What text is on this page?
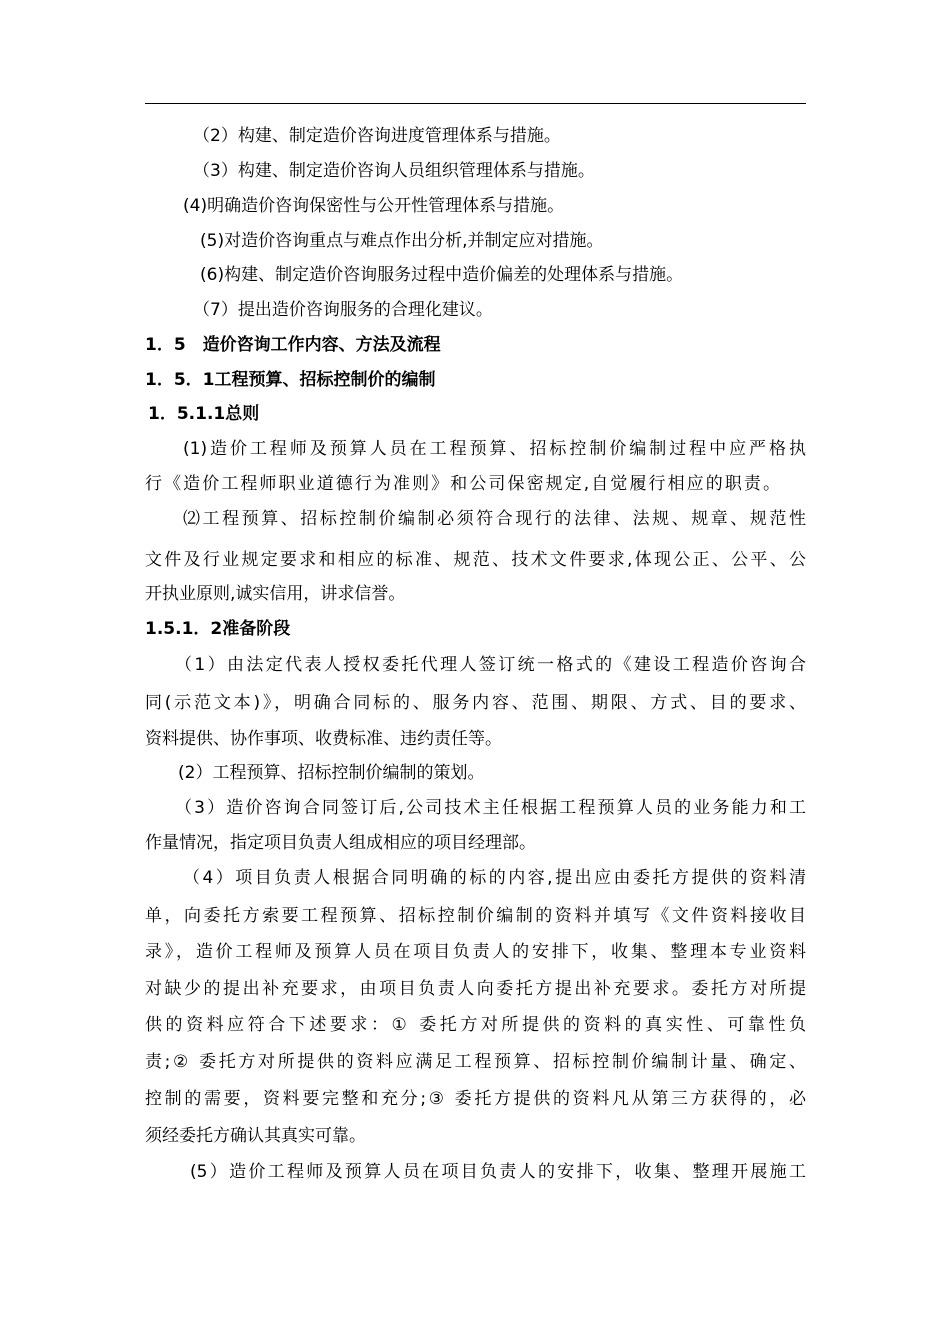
（2）构建、制定造价咨询进度管理体系与措施。
（3）构建、制定造价咨询人员组织管理体系与措施。
(4)明确造价咨询保密性与公开性管理体系与措施。
(5)对造价咨询重点与难点作出分析,并制定应对措施。
(6)构建、制定造价咨询服务过程中造价偏差的处理体系与措施。
（7）提出造价咨询服务的合理化建议。
1．5　造价咨询工作内容、方法及流程
1．5．1工程预算、招标控制价的编制
1．5.1.1总则
(1)造价工程师及预算人员在工程预算、招标控制价编制过程中应严格执
行《造价工程师职业道德行为准则》和公司保密规定,自觉履行相应的职责。
⑵工程预算、招标控制价编制必须符合现行的法律、法规、规章、规范性
文件及行业规定要求和相应的标准、规范、技术文件要求,体现公正、公平、公
开执业原则,诚实信用，讲求信誉。
1.5.1．2准备阶段
（1）由法定代表人授权委托代理人签订统一格式的《建设工程造价咨询合
同(示范文本)》，明确合同标的、服务内容、范围、期限、方式、目的要求、
资料提供、协作事项、收费标准、违约责任等。
(2）工程预算、招标控制价编制的策划。
（3）造价咨询合同签订后,公司技术主任根据工程预算人员的业务能力和工
作量情况，指定项目负责人组成相应的项目经理部。
（4）项目负责人根据合同明确的标的内容,提出应由委托方提供的资料清
单，向委托方索要工程预算、招标控制价编制的资料并填写《文件资料接收目
录》，造价工程师及预算人员在项目负责人的安排下，收集、整理本专业资料
对缺少的提出补充要求，由项目负责人向委托方提出补充要求。委托方对所提
供的资料应符合下述要求：① 委托方对所提供的资料的真实性、可靠性负
责;② 委托方对所提供的资料应满足工程预算、招标控制价编制计量、确定、
控制的需要，资料要完整和充分;③ 委托方提供的资料凡从第三方获得的，必
须经委托方确认其真实可靠。
(5）造价工程师及预算人员在项目负责人的安排下，收集、整理开展施工
